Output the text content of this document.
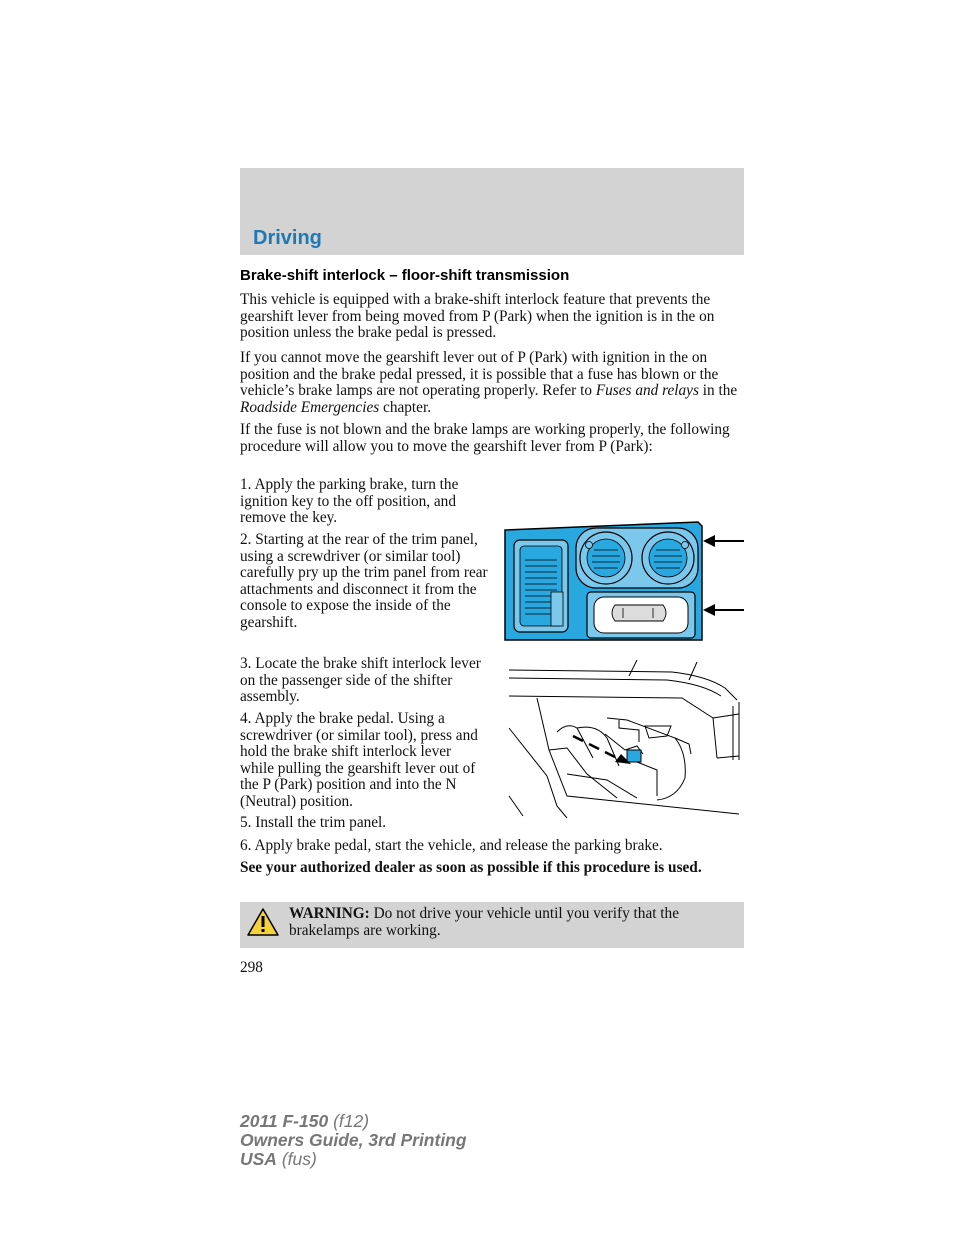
Driving
Brake-shift interlock – floor-shift transmission
This vehicle is equipped with a brake-shift interlock feature that prevents the gearshift lever from being moved from P (Park) when the ignition is in the on position unless the brake pedal is pressed.
If you cannot move the gearshift lever out of P (Park) with ignition in the on position and the brake pedal pressed, it is possible that a fuse has blown or the vehicle’s brake lamps are not operating properly. Refer to Fuses and relays in the Roadside Emergencies chapter.
If the fuse is not blown and the brake lamps are working properly, the following procedure will allow you to move the gearshift lever from P (Park):
1. Apply the parking brake, turn the ignition key to the off position, and remove the key.
2. Starting at the rear of the trim panel, using a screwdriver (or similar tool) carefully pry up the trim panel from rear attachments and disconnect it from the console to expose the inside of the gearshift.
3. Locate the brake shift interlock lever on the passenger side of the shifter assembly.
4. Apply the brake pedal. Using a screwdriver (or similar tool), press and hold the brake shift interlock lever while pulling the gearshift lever out of the P (Park) position and into the N (Neutral) position.
5. Install the trim panel.
6. Apply brake pedal, start the vehicle, and release the parking brake.
See your authorized dealer as soon as possible if this procedure is used.
WARNING: Do not drive your vehicle until you verify that the brakelamps are working.
298
2011 F-150 (f12)
Owners Guide, 3rd Printing
USA (fus)
